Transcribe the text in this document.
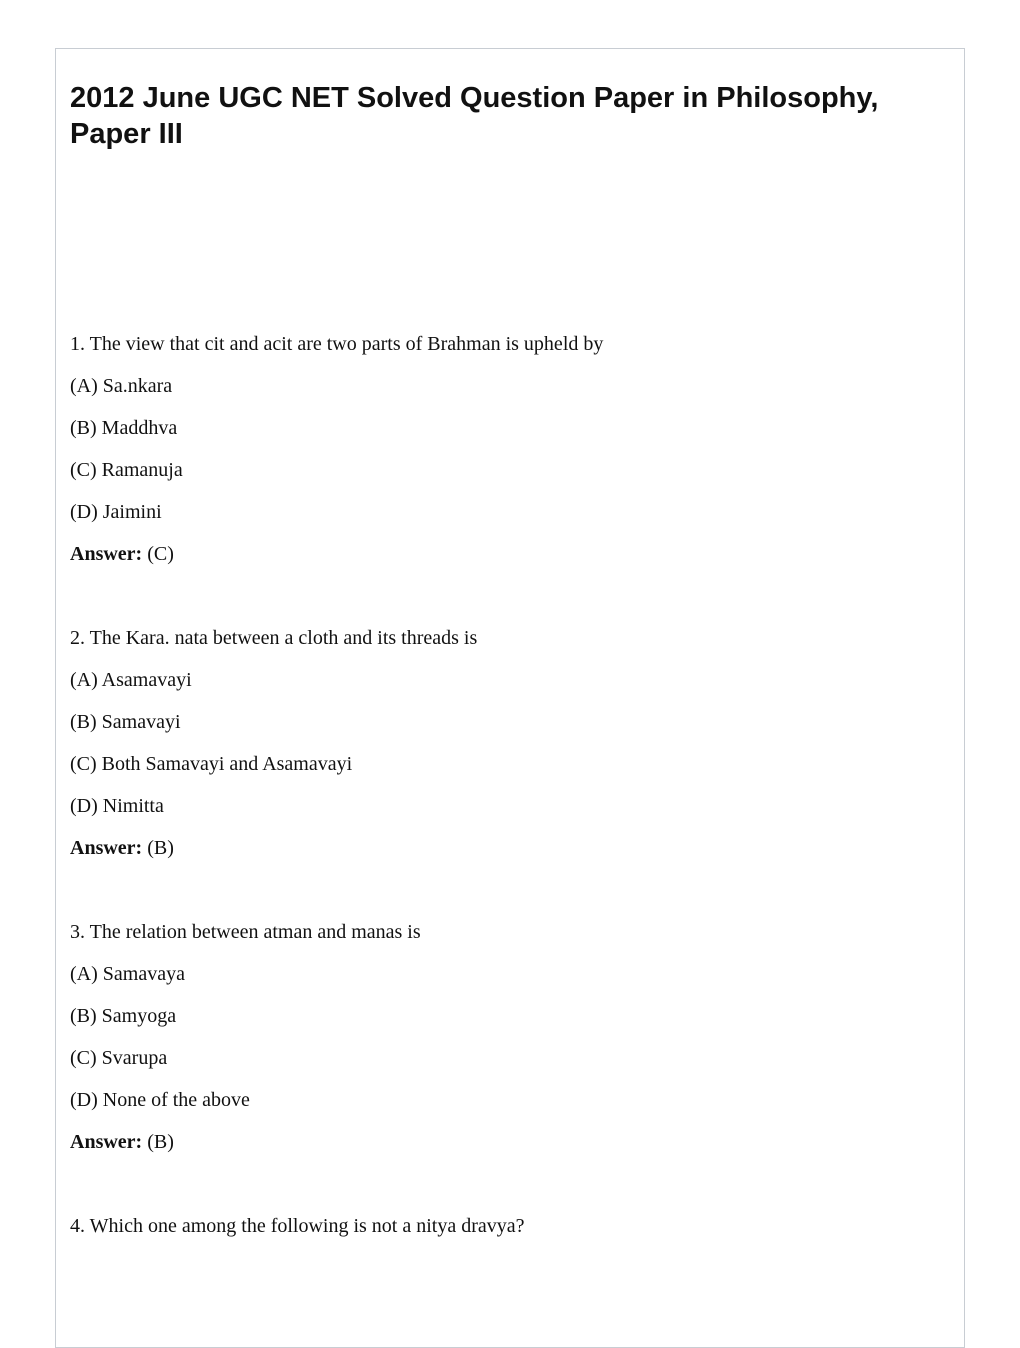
2012 June UGC NET Solved Question Paper in Philosophy, Paper III
1. The view that cit and acit are two parts of Brahman is upheld by
(A) Sa.nkara
(B) Maddhva
(C) Ramanuja
(D) Jaimini
Answer: (C)
2. The Kara. nata between a cloth and its threads is
(A) Asamavayi
(B) Samavayi
(C) Both Samavayi and Asamavayi
(D) Nimitta
Answer: (B)
3. The relation between atman and manas is
(A) Samavaya
(B) Samyoga
(C) Svarupa
(D) None of the above
Answer: (B)
4. Which one among the following is not a nitya dravya?
